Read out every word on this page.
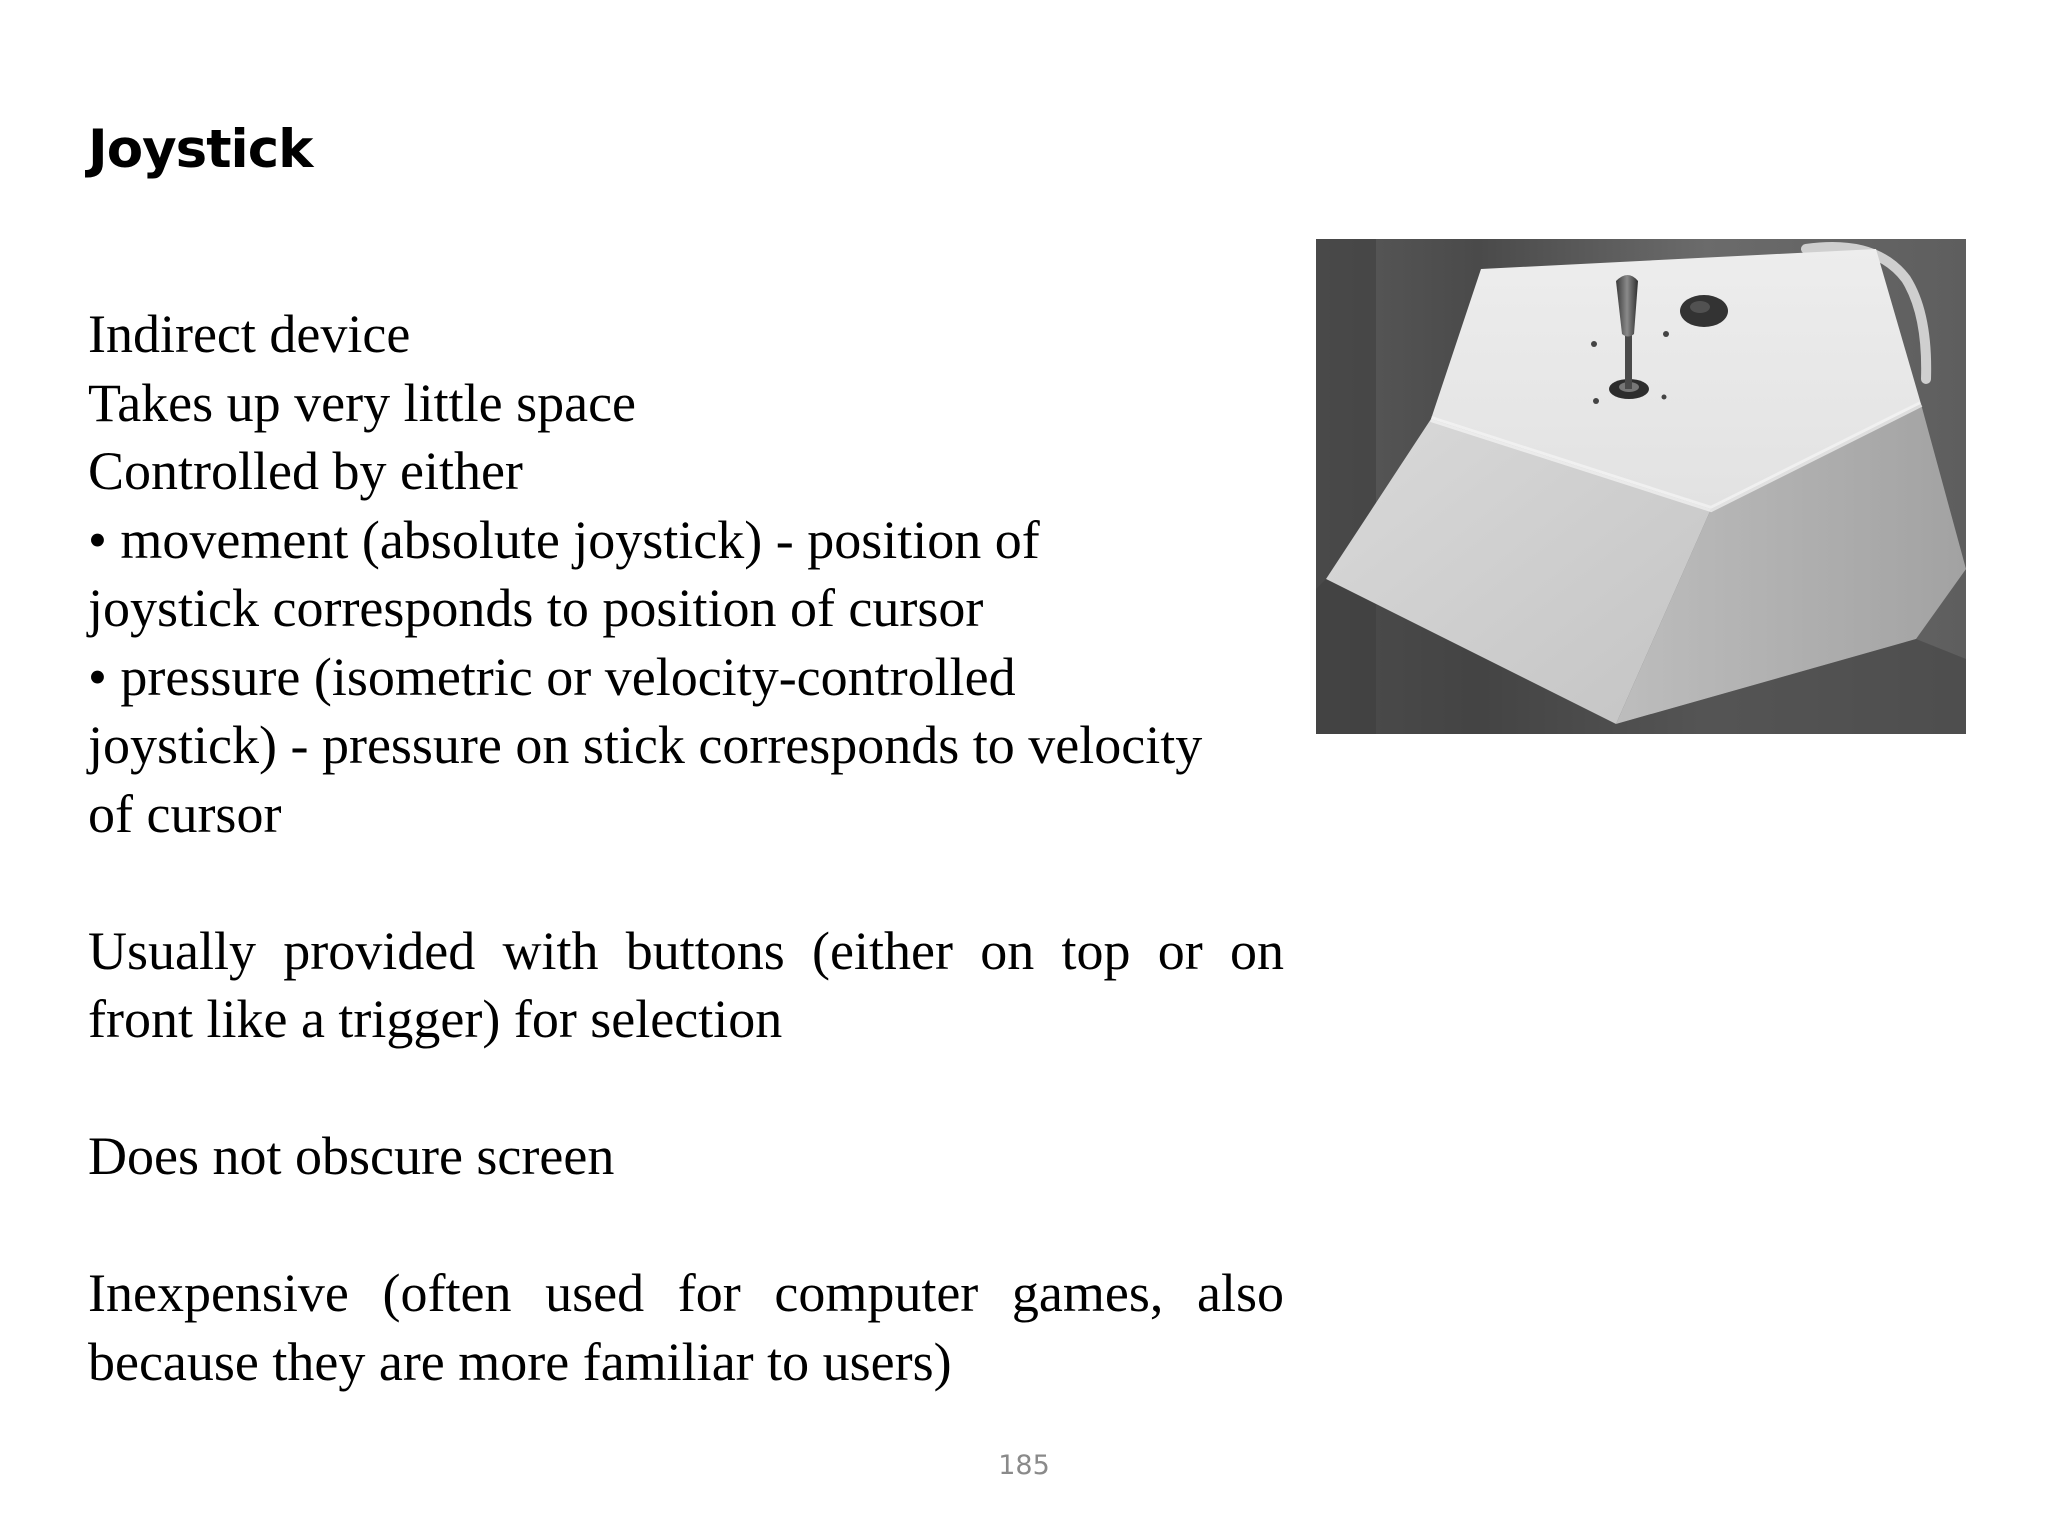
Joystick
Indirect device
Takes up very little space
Controlled by either
• movement (absolute joystick) - position of
joystick corresponds to position of cursor
• pressure (isometric or velocity-controlled
joystick) - pressure on stick corresponds to velocity
of cursor
Usually provided with buttons (either on top or on front like a trigger) for selection
Does not obscure screen
Inexpensive (often used for computer games, also because they are more familiar to users)
185
